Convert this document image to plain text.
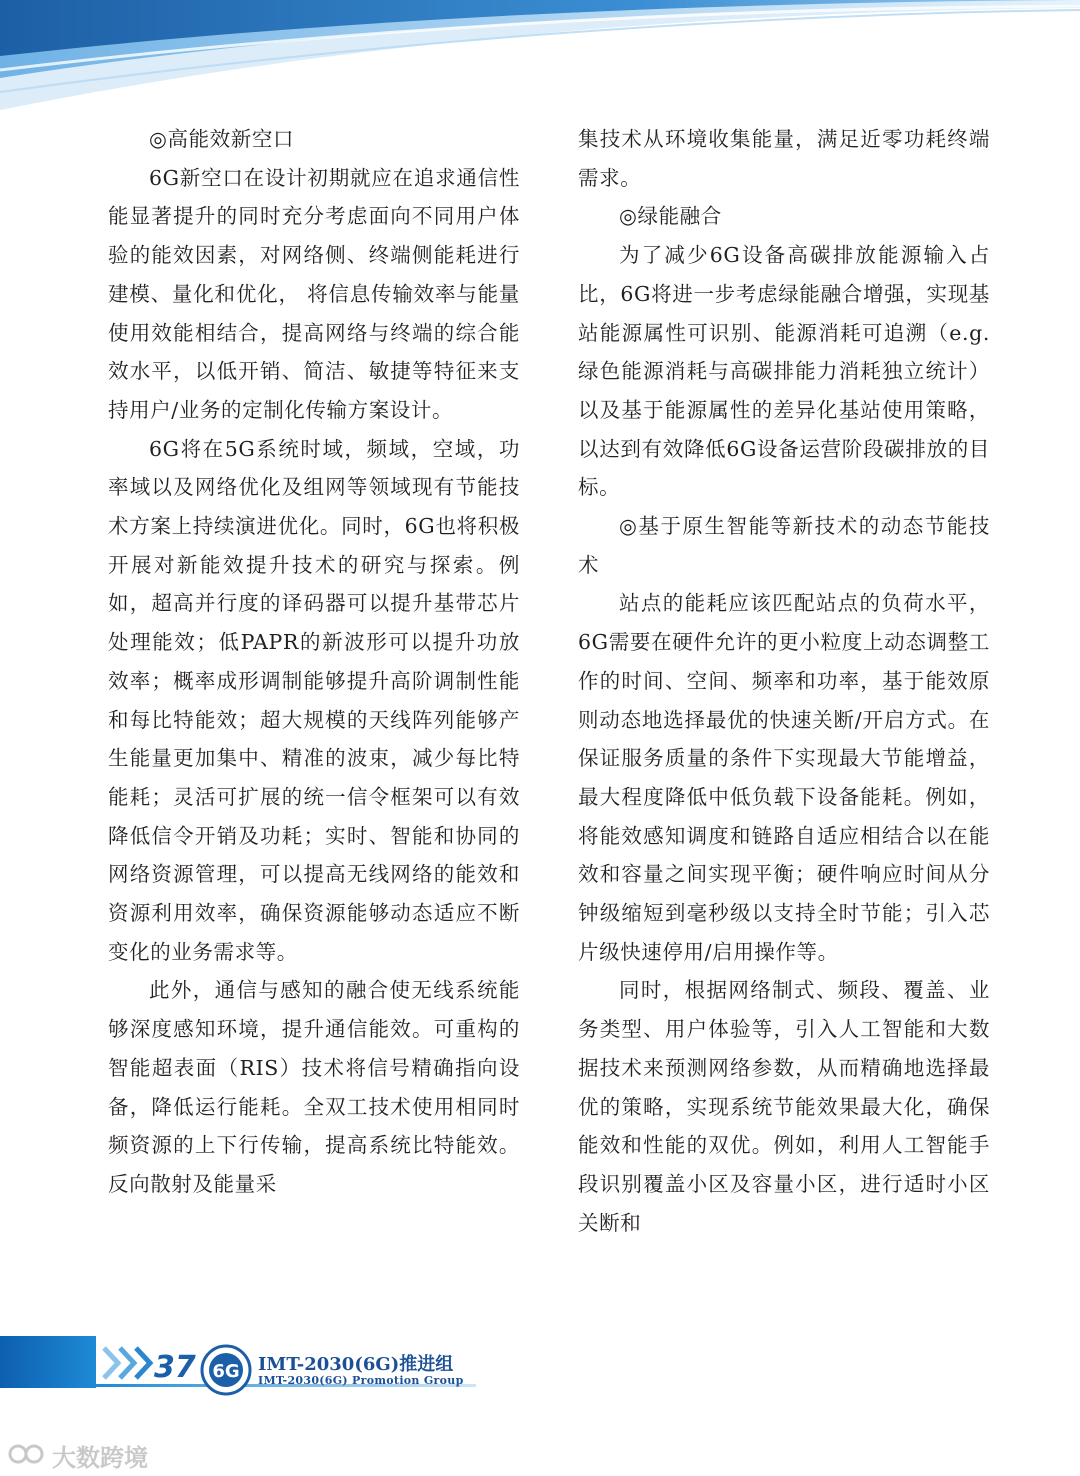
◎高能效新空口

6G新空口在设计初期就应在追求通信性能显著提升的同时充分考虑面向不同用户体验的能效因素，对网络侧、终端侧能耗进行建模、量化和优化， 将信息传输效率与能量使用效能相结合，提高网络与终端的综合能效水平，以低开销、简洁、敏捷等特征来支持用户/业务的定制化传输方案设计。

6G将在5G系统时域，频域，空域，功率域以及网络优化及组网等领域现有节能技术方案上持续演进优化。同时，6G也将积极开展对新能效提升技术的研究与探索。例如，超高并行度的译码器可以提升基带芯片处理能效；低PAPR的新波形可以提升功放效率；概率成形调制能够提升高阶调制性能和每比特能效；超大规模的天线阵列能够产生能量更加集中、精准的波束，减少每比特能耗；灵活可扩展的统一信令框架可以有效降低信令开销及功耗；实时、智能和协同的网络资源管理，可以提高无线网络的能效和资源利用效率，确保资源能够动态适应不断变化的业务需求等。

此外，通信与感知的融合使无线系统能够深度感知环境，提升通信能效。可重构的智能超表面（RIS）技术将信号精确指向设备，降低运行能耗。全双工技术使用相同时频资源的上下行传输，提高系统比特能效。反向散射及能量采

集技术从环境收集能量，满足近零功耗终端需求。

◎绿能融合

为了减少6G设备高碳排放能源输入占比，6G将进一步考虑绿能融合增强，实现基站能源属性可识别、能源消耗可追溯（e.g. 绿色能源消耗与高碳排能力消耗独立统计）以及基于能源属性的差异化基站使用策略，以达到有效降低6G设备运营阶段碳排放的目标。

◎基于原生智能等新技术的动态节能技术

站点的能耗应该匹配站点的负荷水平， 6G需要在硬件允许的更小粒度上动态调整工作的时间、空间、频率和功率，基于能效原则动态地选择最优的快速关断/开启方式。在保证服务质量的条件下实现最大节能增益， 最大程度降低中低负载下设备能耗。例如，将能效感知调度和链路自适应相结合以在能效和容量之间实现平衡；硬件响应时间从分钟级缩短到毫秒级以支持全时节能；引入芯片级快速停用/启用操作等。

同时，根据网络制式、频段、覆盖、业务类型、用户体验等，引入人工智能和大数据技术来预测网络参数，从而精确地选择最优的策略，实现系统节能效果最大化，确保能效和性能的双优。例如，利用人工智能手段识别覆盖小区及容量小区，进行适时小区关断和

37 6G IMT-2030(6G)推进组
IMT-2030(6G) Promotion Group
大数跨境
